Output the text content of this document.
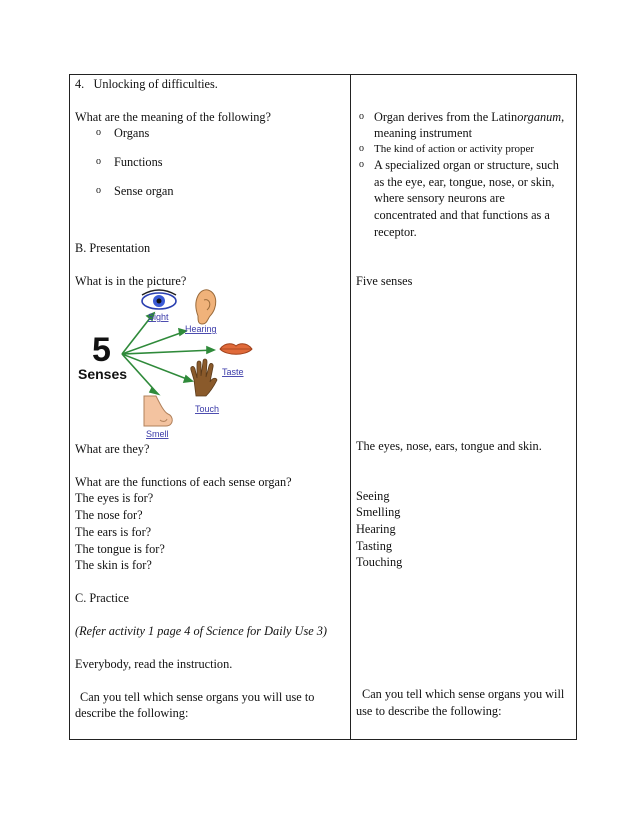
4.   Unlocking of difficulties.
What are the meaning of the following?
o Organs
o Functions
o Sense organ
B. Presentation
What is in the picture?
5
Senses
Sight
Hearing
Taste
Touch
Smell
What are they?
What are the functions of each sense organ?
The eyes is for?
The nose for?
The ears is for?
The tongue is for?
The skin is for?
C. Practice
(Refer activity 1 page 4 of Science for Daily Use 3)
Everybody, read the instruction.
Can you tell which sense organs you will use to
describe the following:
o Organ derives from the Latinorganum,
meaning instrument
o The kind of action or activity proper
o A specialized organ or structure, such
as the eye, ear, tongue, nose, or skin,
where sensory neurons are
concentrated and that functions as a
receptor.
Five senses
The eyes, nose, ears, tongue and skin.
Seeing
Smelling
Hearing
Tasting
Touching
Can you tell which sense organs you will
use to describe the following:
